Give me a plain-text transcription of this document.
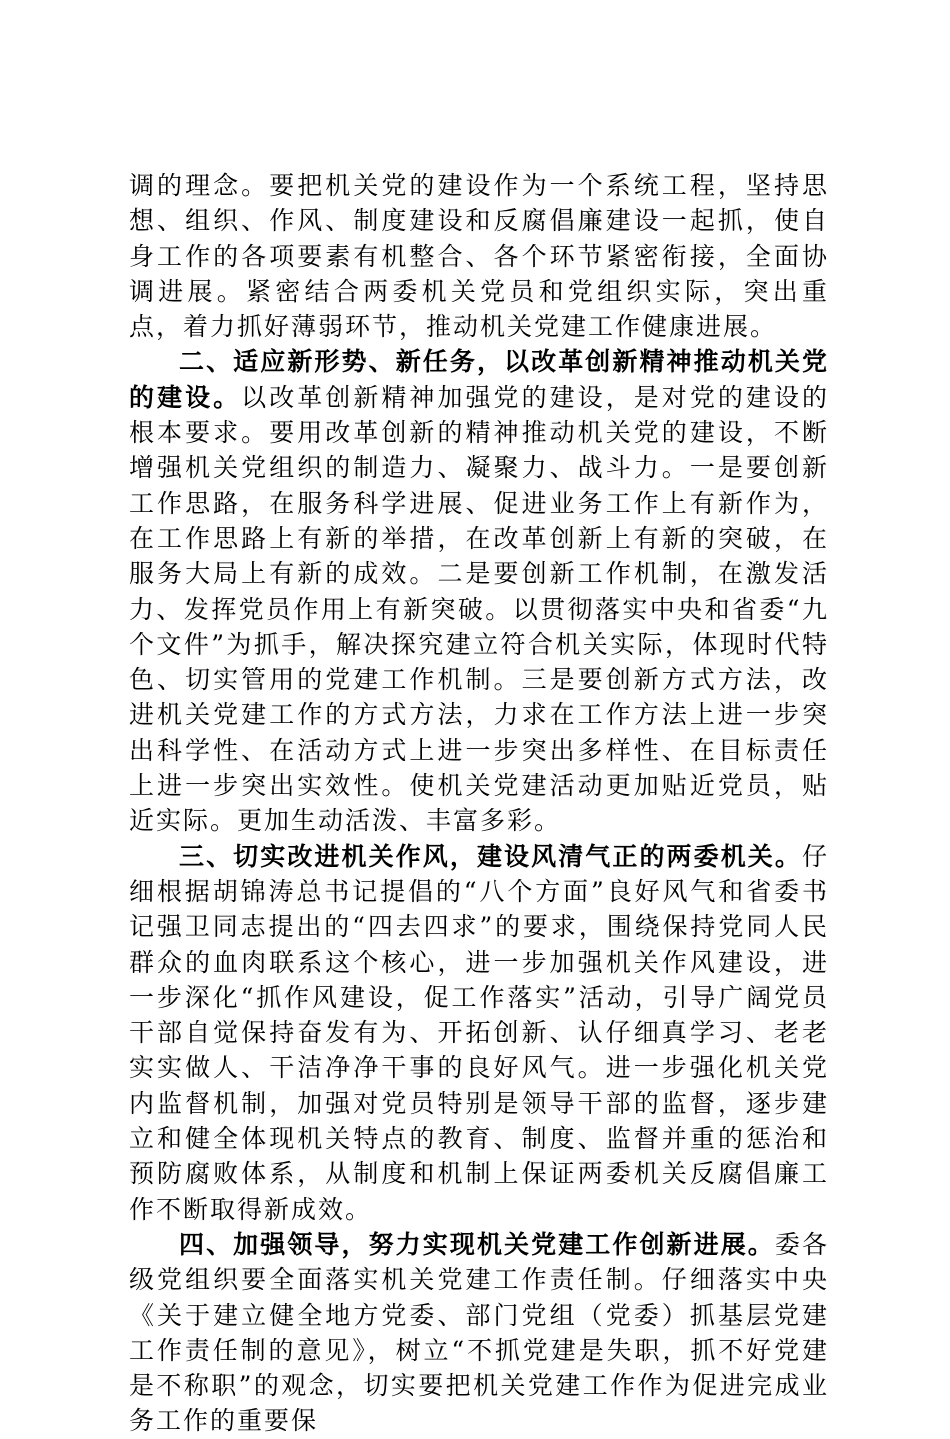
调的理念。要把机关党的建设作为一个系统工程，坚持思想、组织、作风、制度建设和反腐倡廉建设一起抓，使自身工作的各项要素有机整合、各个环节紧密衔接，全面协调进展。紧密结合两委机关党员和党组织实际，突出重点，着力抓好薄弱环节，推动机关党建工作健康进展。

二、适应新形势、新任务，以改革创新精神推动机关党的建设。以改革创新精神加强党的建设，是对党的建设的根本要求。要用改革创新的精神推动机关党的建设，不断增强机关党组织的制造力、凝聚力、战斗力。一是要创新工作思路，在服务科学进展、促进业务工作上有新作为，在工作思路上有新的举措，在改革创新上有新的突破，在服务大局上有新的成效。二是要创新工作机制，在激发活力、发挥党员作用上有新突破。以贯彻落实中央和省委“九个文件”为抓手，解决探究建立符合机关实际，体现时代特色、切实管用的党建工作机制。三是要创新方式方法，改进机关党建工作的方式方法，力求在工作方法上进一步突出科学性、在活动方式上进一步突出多样性、在目标责任上进一步突出实效性。使机关党建活动更加贴近党员，贴近实际。更加生动活泼、丰富多彩。

三、切实改进机关作风，建设风清气正的两委机关。仔细根据胡锦涛总书记提倡的“八个方面”良好风气和省委书记强卫同志提出的“四去四求”的要求，围绕保持党同人民群众的血肉联系这个核心，进一步加强机关作风建设，进一步深化“抓作风建设，促工作落实”活动，引导广阔党员干部自觉保持奋发有为、开拓创新、认仔细真学习、老老实实做人、干洁净净干事的良好风气。进一步强化机关党内监督机制，加强对党员特别是领导干部的监督，逐步建立和健全体现机关特点的教育、制度、监督并重的惩治和预防腐败体系，从制度和机制上保证两委机关反腐倡廉工作不断取得新成效。

四、加强领导，努力实现机关党建工作创新进展。委各级党组织要全面落实机关党建工作责任制。仔细落实中央《关于建立健全地方党委、部门党组（党委）抓基层党建工作责任制的意见》，树立“不抓党建是失职，抓不好党建是不称职”的观念，切实要把机关党建工作作为促进完成业务工作的重要保
